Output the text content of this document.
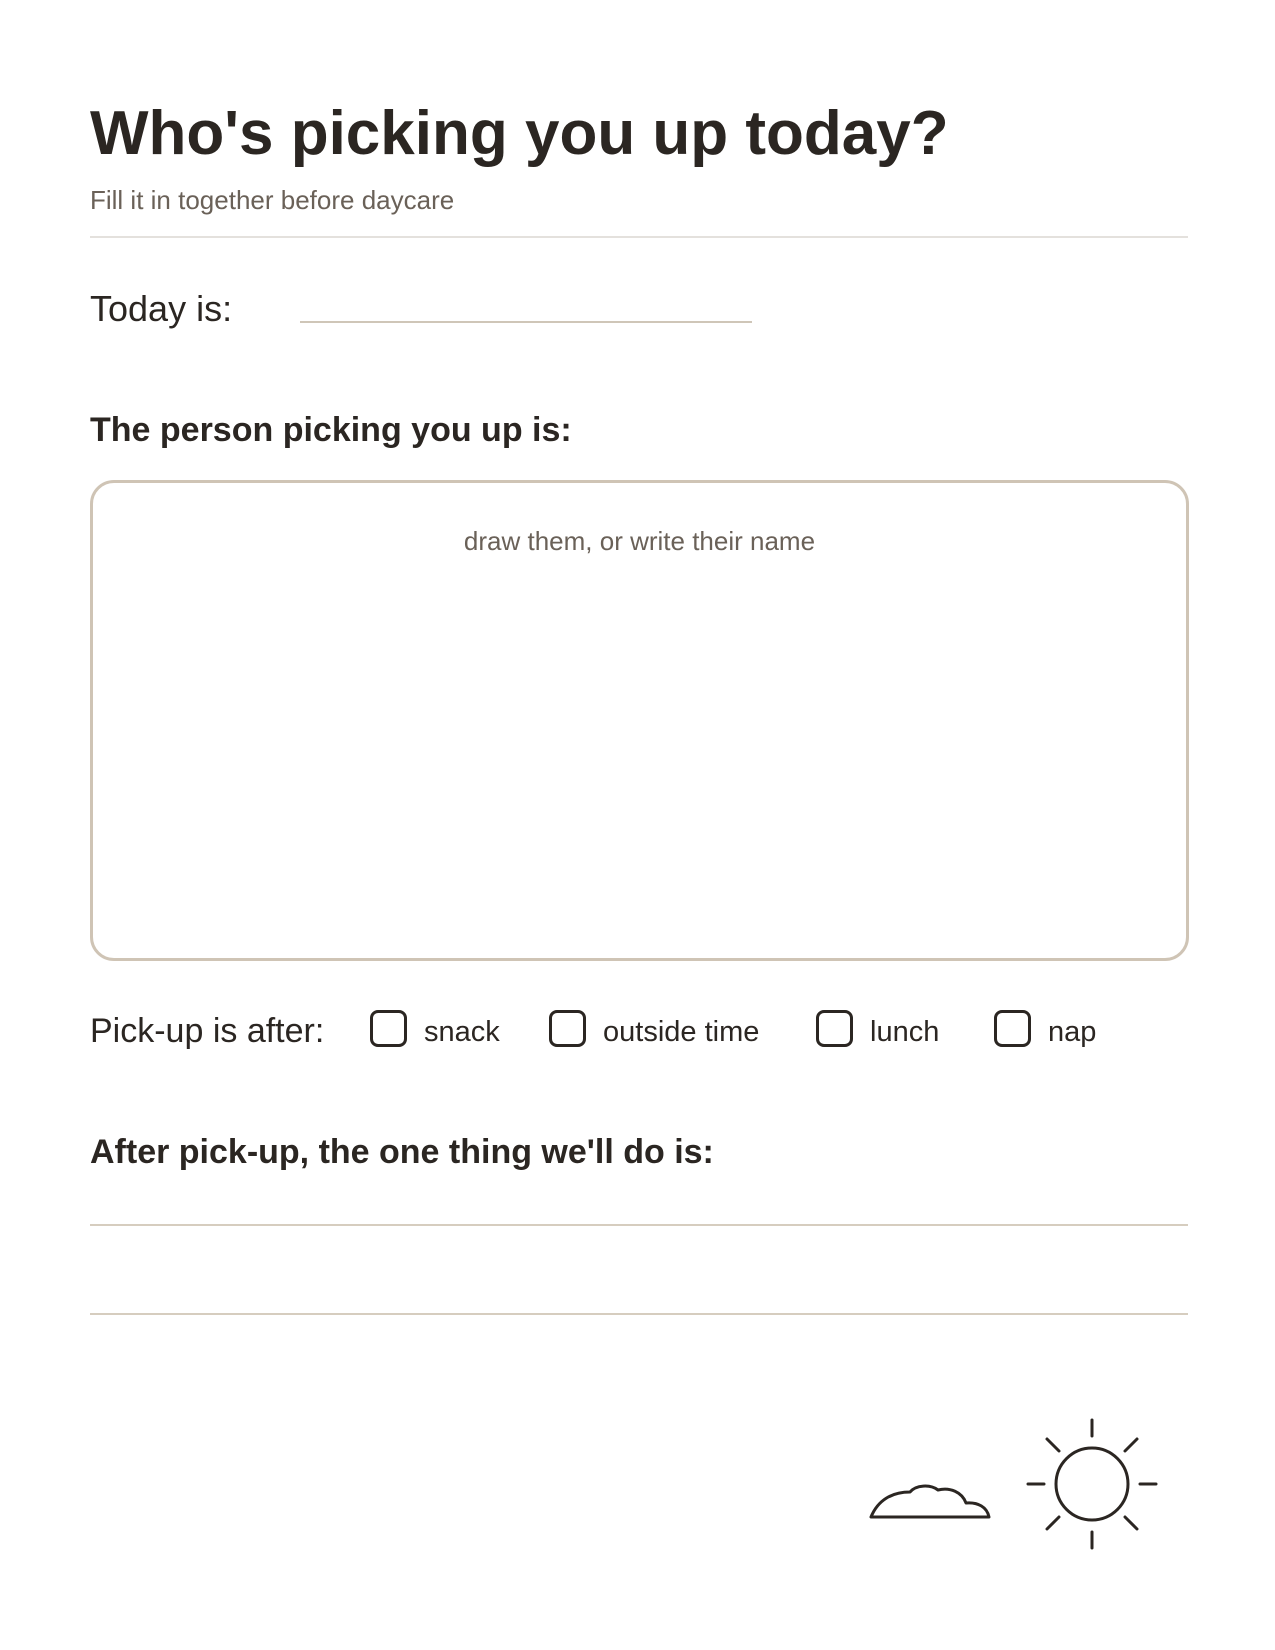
Who's picking you up today?
Fill it in together before daycare
Today is:
The person picking you up is:
draw them, or write their name
Pick-up is after:	snack	outside time	lunch	nap
After pick-up, the one thing we'll do is:
